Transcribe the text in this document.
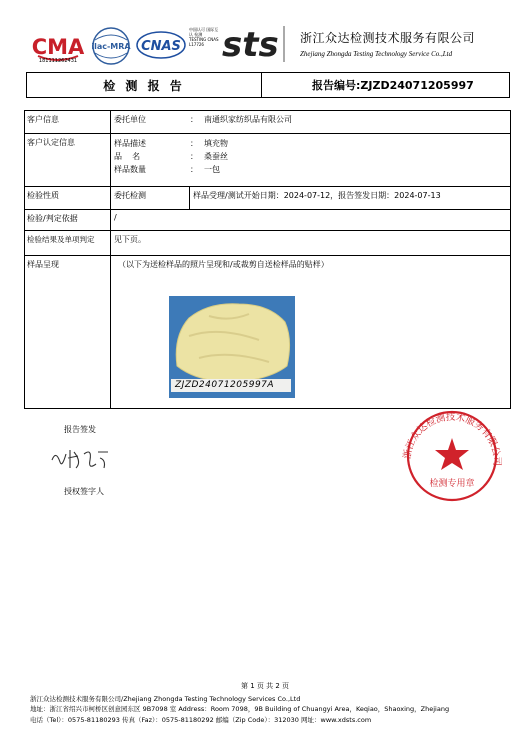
CMA
181111262431
ilac-MRA CNAS
中国认可 国际互认 检测 TESTING CNAS L17726 sts 浙江众达检测技术服务有限公司
Zhejiang Zhongda Testing Technology Service Co.,Ltd
检 测 报 告	报告编号: ZJZD24071205997
客户信息	委托单位	： 南通织家纺织品有限公司
客户认定信息	样品描述	： 填充物
品    名	： 桑蚕丝
样品数量	： 一包
检验性质	委托检测	样品受理/测试开始日期：2024-07-12，报告签发日期：2024-07-13
检验/判定依据	/
检验结果及单项判定	见下页。
样品呈现	（以下为送检样品的照片呈现和/或裁剪自送检样品的贴样）
ZJZD24071205997A
报告签发
授权签字人
浙江众达检测技术服务有限公司
检测专用章
第 1 页 共 2 页
浙江众达检测技术服务有限公司/Zhejiang Zhongda Testing Technology Services Co.,Ltd
地址：浙江省绍兴市柯桥区创意园东区 9B7098 室 Address：Room 7098，9B Building of Chuangyi Area，Keqiao，Shaoxing，Zhejiang
电话（Tel）：0575-81180293 传真（Faz）：0575-81180292 邮编（Zip Code）：312030 网址：www.xdsts.com
